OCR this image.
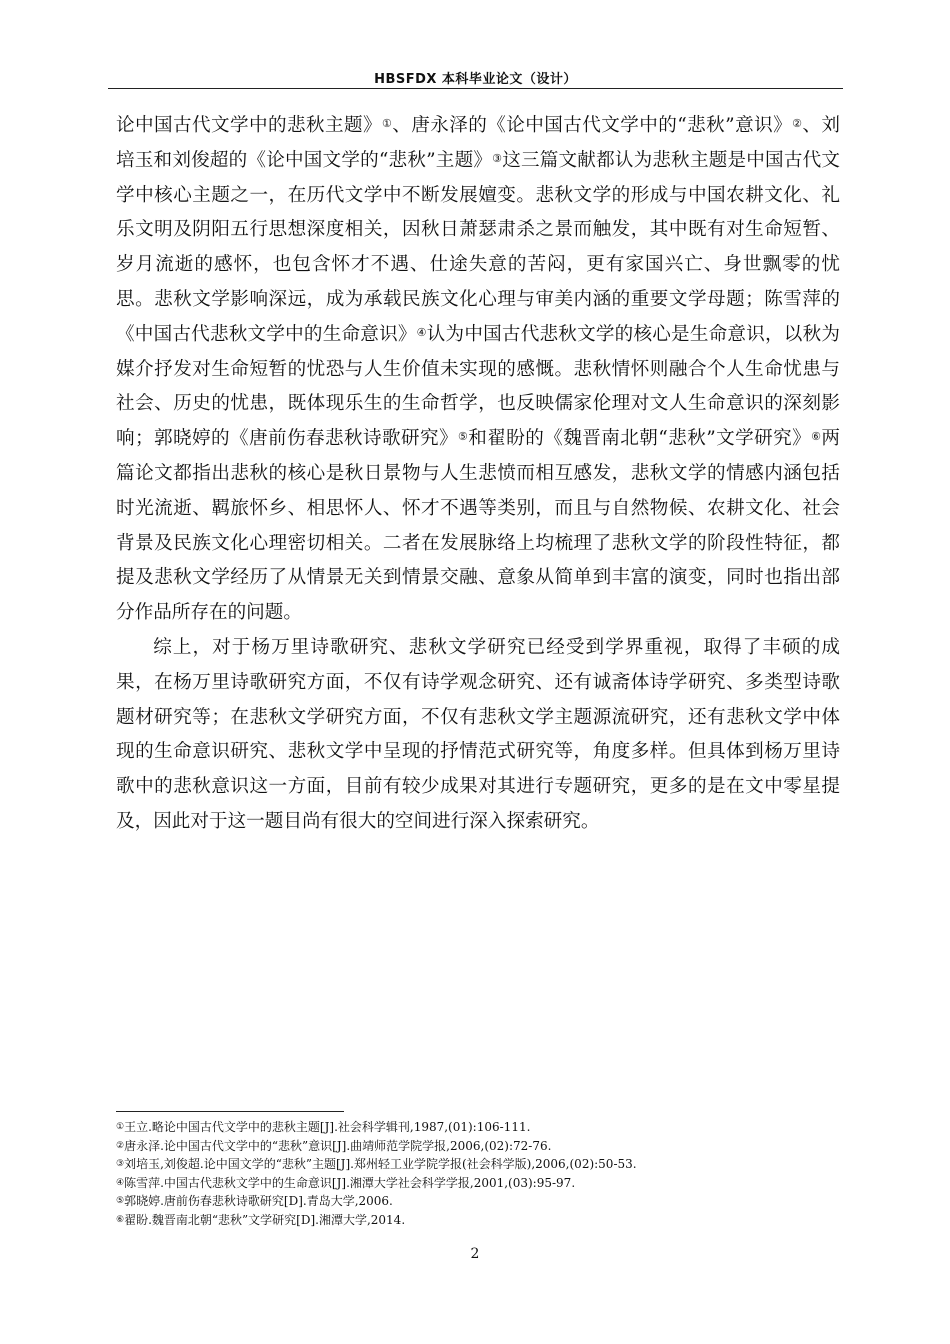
HBSFDX 本科毕业论文（设计）

论中国古代文学中的悲秋主题》①、唐永泽的《论中国古代文学中的“悲秋”意识》②、刘培玉和刘俊超的《论中国文学的“悲秋”主题》③这三篇文献都认为悲秋主题是中国古代文学中核心主题之一，在历代文学中不断发展嬗变。悲秋文学的形成与中国农耕文化、礼乐文明及阴阳五行思想深度相关，因秋日萧瑟肃杀之景而触发，其中既有对生命短暂、岁月流逝的感怀，也包含怀才不遇、仕途失意的苦闷，更有家国兴亡、身世飘零的忧思。悲秋文学影响深远，成为承载民族文化心理与审美内涵的重要文学母题；陈雪萍的《中国古代悲秋文学中的生命意识》④认为中国古代悲秋文学的核心是生命意识，以秋为媒介抒发对生命短暂的忧恐与人生价值未实现的感慨。悲秋情怀则融合个人生命忧患与社会、历史的忧患，既体现乐生的生命哲学，也反映儒家伦理对文人生命意识的深刻影响；郭晓婷的《唐前伤春悲秋诗歌研究》⑤和翟盼的《魏晋南北朝“悲秋”文学研究》⑥两篇论文都指出悲秋的核心是秋日景物与人生悲愤而相互感发，悲秋文学的情感内涵包括时光流逝、羁旅怀乡、相思怀人、怀才不遇等类别，而且与自然物候、农耕文化、社会背景及民族文化心理密切相关。二者在发展脉络上均梳理了悲秋文学的阶段性特征，都提及悲秋文学经历了从情景无关到情景交融、意象从简单到丰富的演变，同时也指出部分作品所存在的问题。

综上，对于杨万里诗歌研究、悲秋文学研究已经受到学界重视，取得了丰硕的成果，在杨万里诗歌研究方面，不仅有诗学观念研究、还有诚斋体诗学研究、多类型诗歌题材研究等；在悲秋文学研究方面，不仅有悲秋文学主题源流研究，还有悲秋文学中体现的生命意识研究、悲秋文学中呈现的抒情范式研究等，角度多样。但具体到杨万里诗歌中的悲秋意识这一方面，目前有较少成果对其进行专题研究，更多的是在文中零星提及，因此对于这一题目尚有很大的空间进行深入探索研究。

①王立.略论中国古代文学中的悲秋主题[J].社会科学辑刊,1987,(01):106-111.
②唐永泽.论中国古代文学中的“悲秋”意识[J].曲靖师范学院学报,2006,(02):72-76.
③刘培玉,刘俊超.论中国文学的“悲秋”主题[J].郑州轻工业学院学报(社会科学版),2006,(02):50-53.
④陈雪萍.中国古代悲秋文学中的生命意识[J].湘潭大学社会科学学报,2001,(03):95-97.
⑤郭晓婷.唐前伤春悲秋诗歌研究[D].青岛大学,2006.
⑥翟盼.魏晋南北朝“悲秋”文学研究[D].湘潭大学,2014.
2
